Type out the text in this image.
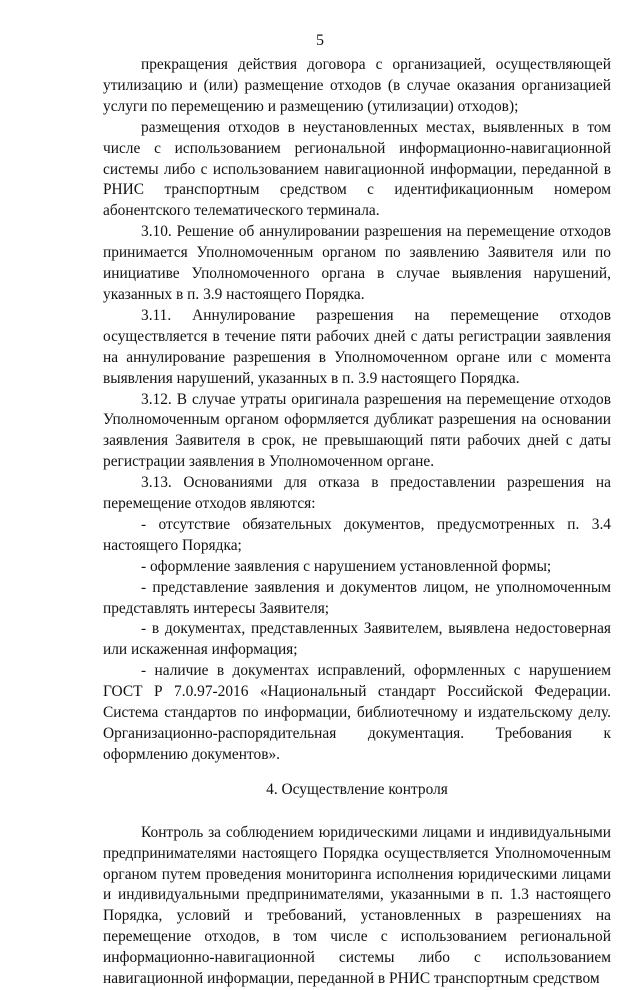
5

прекращения действия договора с организацией, осуществляющей утилизацию и (или) размещение отходов (в случае оказания организацией услуги по перемещению и размещению (утилизации) отходов);

размещения отходов в неустановленных местах, выявленных в том числе с использованием региональной информационно-навигационной системы либо с использованием навигационной информации, переданной в РНИС транспортным средством с идентификационным номером абонентского телематического терминала.

3.10. Решение об аннулировании разрешения на перемещение отходов принимается Уполномоченным органом по заявлению Заявителя или по инициативе Уполномоченного органа в случае выявления нарушений, указанных в п. 3.9 настоящего Порядка.

3.11. Аннулирование разрешения на перемещение отходов осуществляется в течение пяти рабочих дней с даты регистрации заявления на аннулирование разрешения в Уполномоченном органе или с момента выявления нарушений, указанных в п. 3.9 настоящего Порядка.

3.12. В случае утраты оригинала разрешения на перемещение отходов Уполномоченным органом оформляется дубликат разрешения на основании заявления Заявителя в срок, не превышающий пяти рабочих дней с даты регистрации заявления в Уполномоченном органе.

3.13. Основаниями для отказа в предоставлении разрешения на перемещение отходов являются:

- отсутствие обязательных документов, предусмотренных п. 3.4 настоящего Порядка;

- оформление заявления с нарушением установленной формы;

- представление заявления и документов лицом, не уполномоченным представлять интересы Заявителя;

- в документах, представленных Заявителем, выявлена недостоверная или искаженная информация;

- наличие в документах исправлений, оформленных с нарушением ГОСТ Р 7.0.97-2016 «Национальный стандарт Российской Федерации. Система стандартов по информации, библиотечному и издательскому делу. Организационно-распорядительная документация. Требования к оформлению документов».

4. Осуществление контроля

Контроль за соблюдением юридическими лицами и индивидуальными предпринимателями настоящего Порядка осуществляется Уполномоченным органом путем проведения мониторинга исполнения юридическими лицами и индивидуальными предпринимателями, указанными в п. 1.3 настоящего Порядка, условий и требований, установленных в разрешениях на перемещение отходов, в том числе с использованием региональной информационно-навигационной системы либо с использованием навигационной информации, переданной в РНИС транспортным средством
